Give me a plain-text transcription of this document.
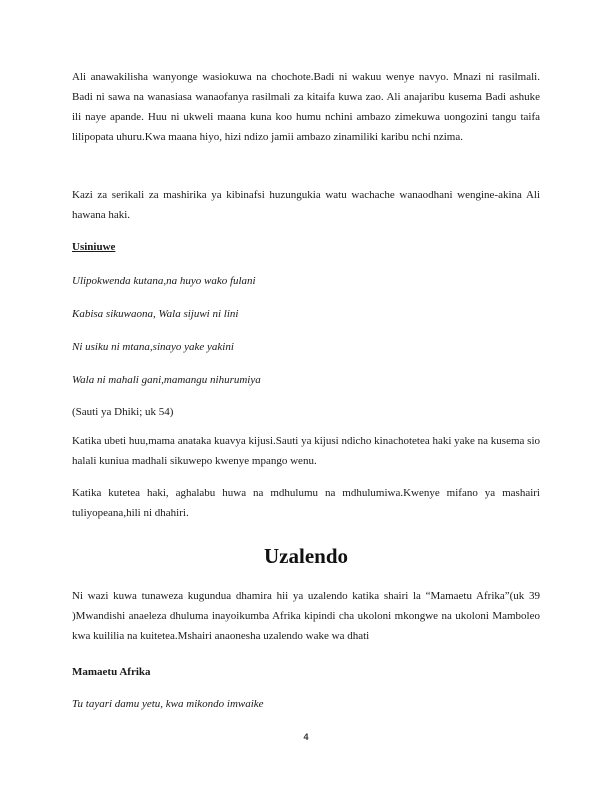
Ali anawakilisha wanyonge wasiokuwa na chochote.Badi ni wakuu wenye navyo. Mnazi ni rasilmali. Badi ni sawa na wanasiasa wanaofanya rasilmali za kitaifa kuwa zao. Ali anajaribu kusema Badi ashuke ili naye apande. Huu ni ukweli maana kuna koo humu nchini ambazo zimekuwa uongozini tangu taifa lilipopata uhuru.Kwa maana hiyo, hizi ndizo jamii ambazo zinamiliki karibu nchi nzima.

Kazi za serikali za mashirika ya kibinafsi huzungukia watu wachache wanaodhani wengine-akina Ali hawana haki.

Usiniuwe

Ulipokwenda kutana,na huyo wako fulani

Kabisa sikuwaona, Wala sijuwi ni lini

Ni usiku ni mtana,sinayo yake yakini

Wala ni mahali gani,mamangu nihurumiya

(Sauti ya Dhiki; uk 54)

Katika ubeti huu,mama anataka kuavya kijusi.Sauti ya kijusi ndicho kinachotetea haki yake na kusema sio halali kuniua madhali sikuwepo kwenye mpango wenu.

Katika kutetea haki, aghalabu huwa na mdhulumu na mdhulumiwa.Kwenye mifano ya mashairi tuliyopeana,hili ni dhahiri.

Uzalendo

Ni wazi kuwa tunaweza kugundua dhamira hii ya uzalendo katika shairi la “Mamaetu Afrika”(uk 39 )Mwandishi anaeleza dhuluma inayoikumba Afrika kipindi cha ukoloni mkongwe na ukoloni Mamboleo kwa kuililia na kuitetea.Mshairi anaonesha uzalendo wake wa dhati

Mamaetu Afrika

Tu tayari damu yetu, kwa mikondo imwaike

4
